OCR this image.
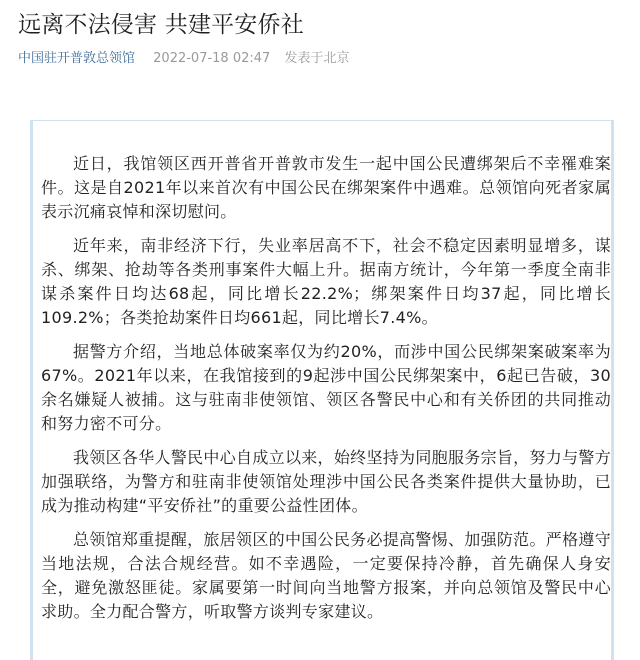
远离不法侵害 共建平安侨社
中国驻开普敦总领馆 2022-07-18 02:47 发表于北京

近日，我馆领区西开普省开普敦市发生一起中国公民遭绑架后不幸罹难案件。这是自2021年以来首次有中国公民在绑架案件中遇难。总领馆向死者家属表示沉痛哀悼和深切慰问。

近年来，南非经济下行，失业率居高不下，社会不稳定因素明显增多，谋杀、绑架、抢劫等各类刑事案件大幅上升。据南方统计，今年第一季度全南非谋杀案件日均达68起，同比增长22.2%；绑架案件日均37起，同比增长109.2%；各类抢劫案件日均661起，同比增长7.4%。

据警方介绍，当地总体破案率仅为约20%，而涉中国公民绑架案破案率为67%。2021年以来，在我馆接到的9起涉中国公民绑架案中，6起已告破，30余名嫌疑人被捕。这与驻南非使领馆、领区各警民中心和有关侨团的共同推动和努力密不可分。

我领区各华人警民中心自成立以来，始终坚持为同胞服务宗旨，努力与警方加强联络，为警方和驻南非使领馆处理涉中国公民各类案件提供大量协助，已成为推动构建“平安侨社”的重要公益性团体。

总领馆郑重提醒，旅居领区的中国公民务必提高警惕、加强防范。严格遵守当地法规，合法合规经营。如不幸遇险，一定要保持冷静，首先确保人身安全，避免激怒匪徒。家属要第一时间向当地警方报案，并向总领馆及警民中心求助。全力配合警方，听取警方谈判专家建议。
